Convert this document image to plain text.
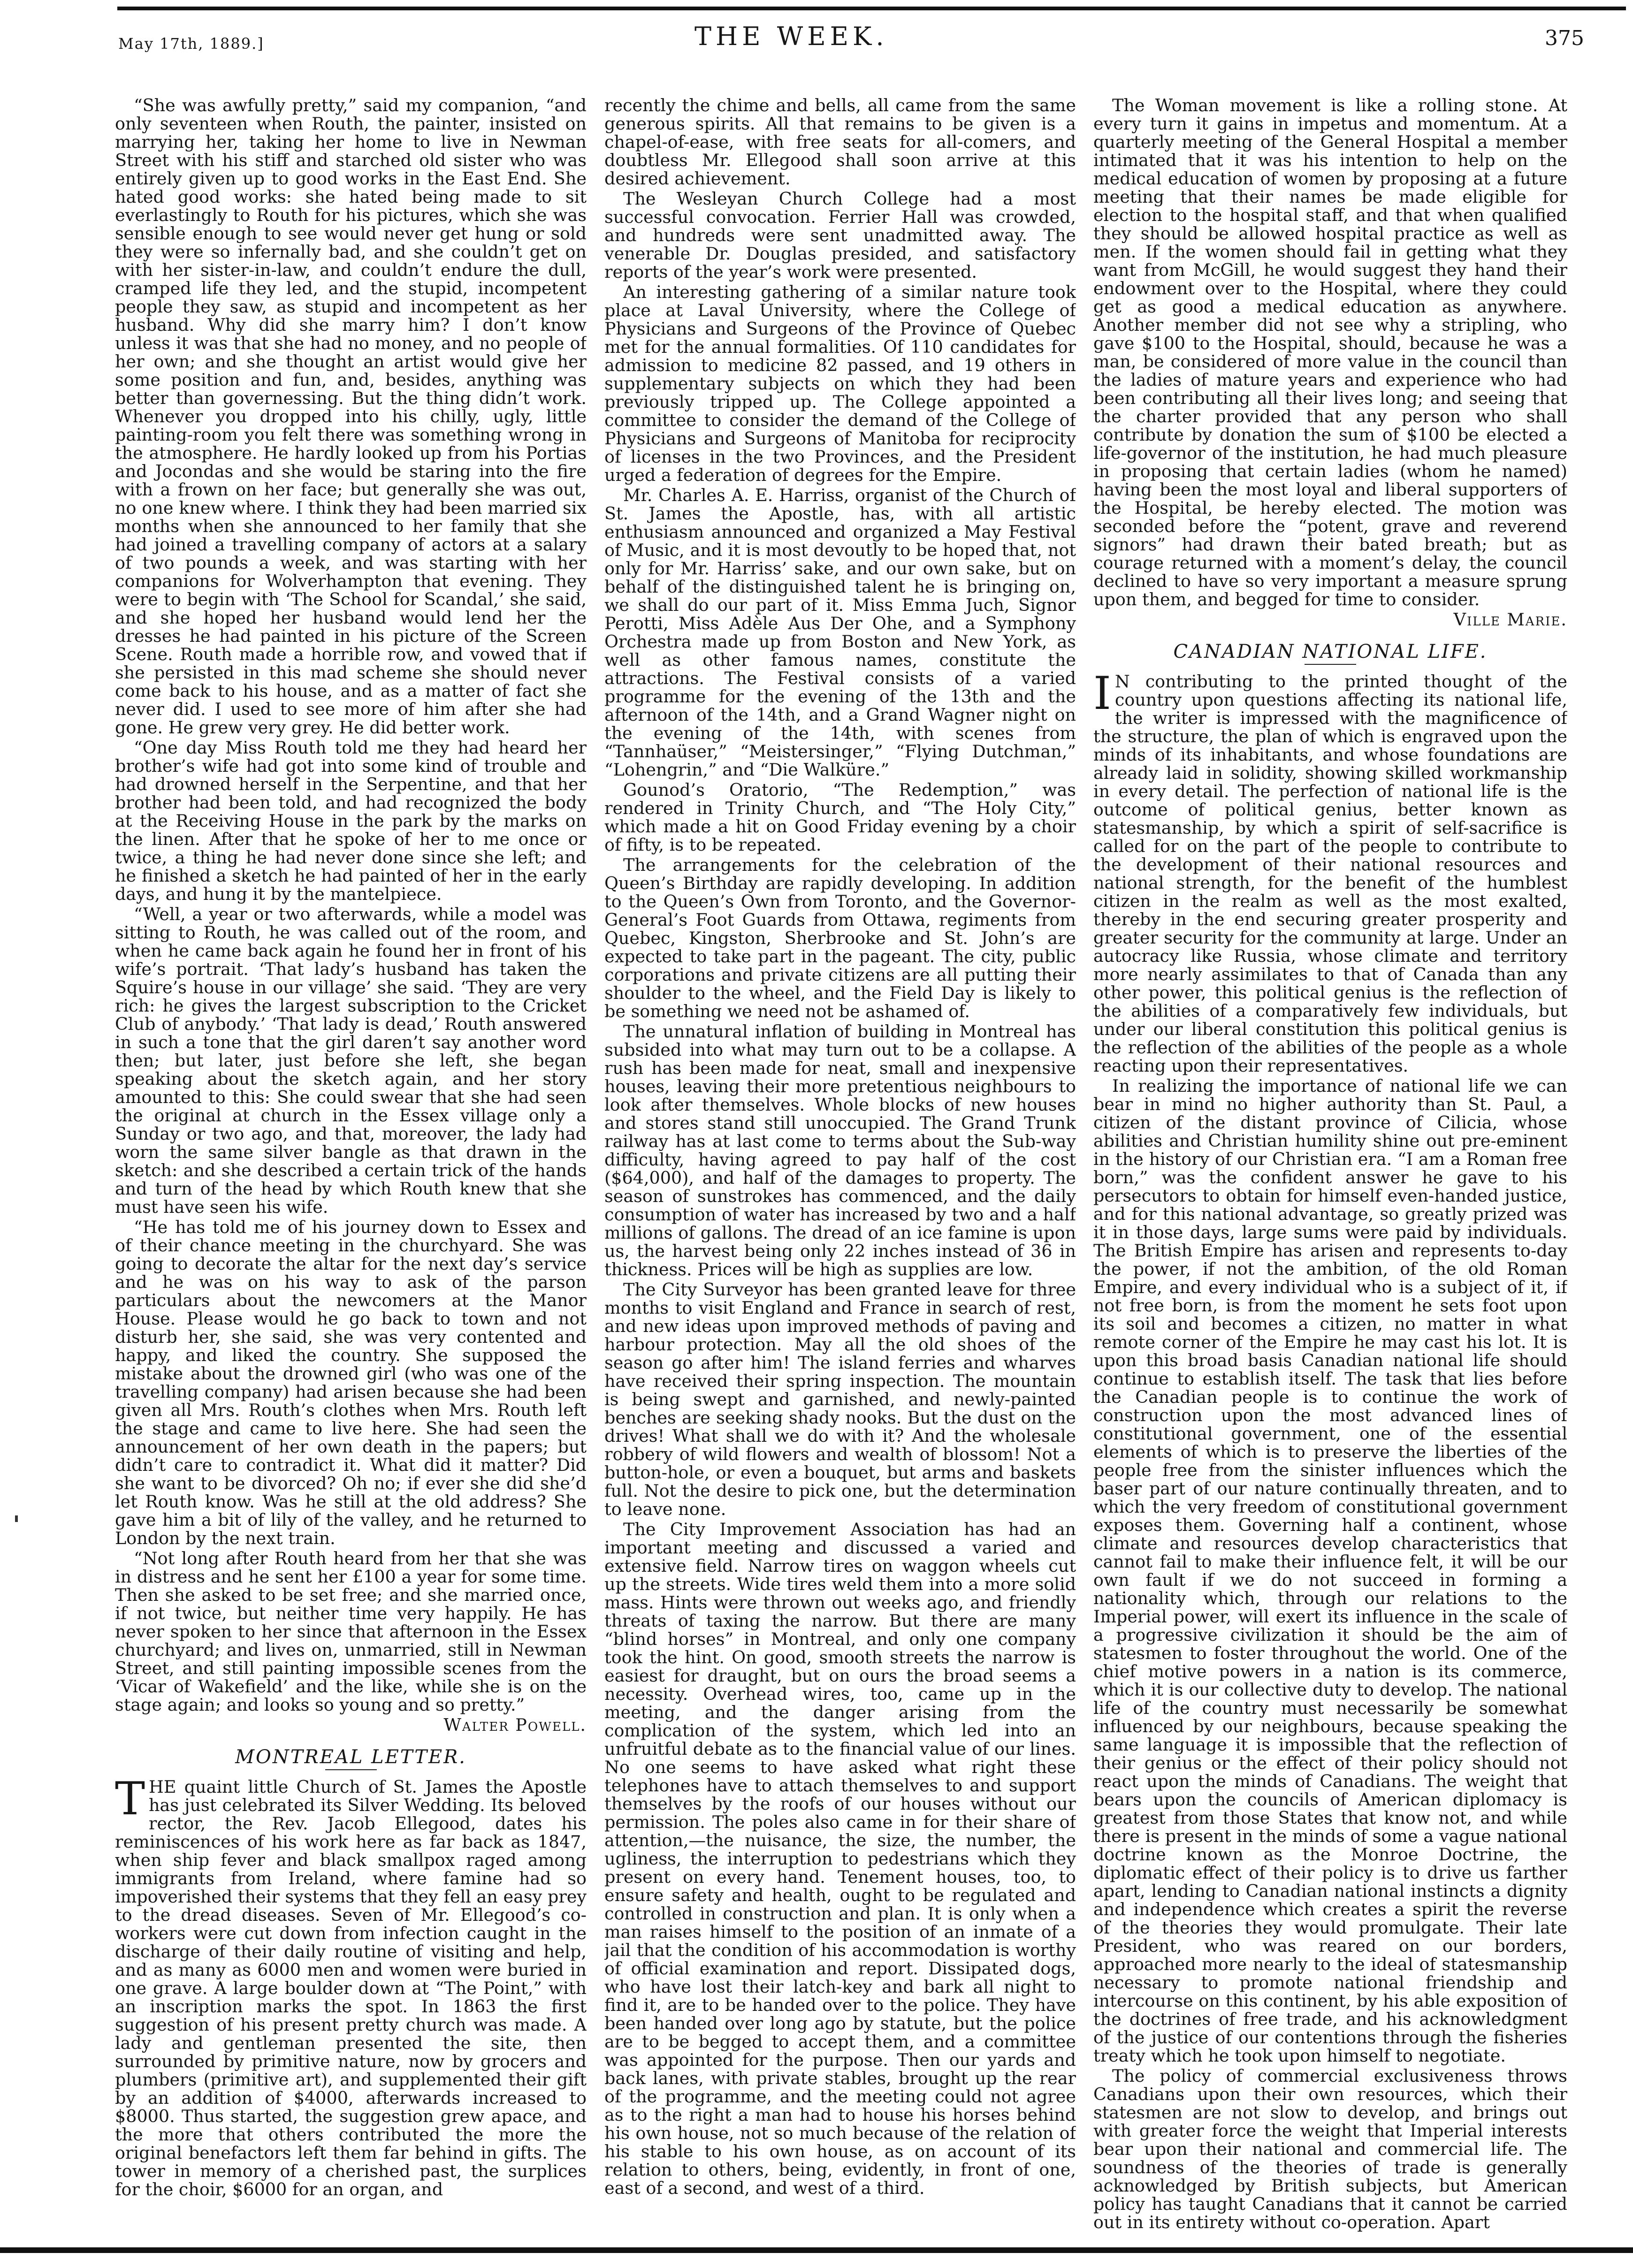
May 17th, 1889.]	THE WEEK.	375

“She was awfully pretty,” said my companion, “and only seventeen when Routh, the painter, insisted on marrying her, taking her home to live in Newman Street with his stiff and starched old sister who was entirely given up to good works in the East End. She hated good works: she hated being made to sit everlastingly to Routh for his pictures, which she was sensible enough to see would never get hung or sold they were so infernally bad, and she couldn’t get on with her sister-in-law, and couldn’t endure the dull, cramped life they led, and the stupid, incompetent people they saw, as stupid and incompetent as her husband. Why did she marry him? I don’t know unless it was that she had no money, and no people of her own; and she thought an artist would give her some position and fun, and, besides, anything was better than governessing. But the thing didn’t work. Whenever you dropped into his chilly, ugly, little painting-room you felt there was something wrong in the atmosphere. He hardly looked up from his Portias and Jocondas and she would be staring into the fire with a frown on her face; but generally she was out, no one knew where. I think they had been married six months when she announced to her family that she had joined a travelling company of actors at a salary of two pounds a week, and was starting with her companions for Wolverhampton that evening. They were to begin with ‘The School for Scandal,’ she said, and she hoped her husband would lend her the dresses he had painted in his picture of the Screen Scene. Routh made a horrible row, and vowed that if she persisted in this mad scheme she should never come back to his house, and as a matter of fact she never did. I used to see more of him after she had gone. He grew very grey. He did better work.

“One day Miss Routh told me they had heard her brother’s wife had got into some kind of trouble and had drowned herself in the Serpentine, and that her brother had been told, and had recognized the body at the Receiving House in the park by the marks on the linen. After that he spoke of her to me once or twice, a thing he had never done since she left; and he finished a sketch he had painted of her in the early days, and hung it by the mantelpiece.

“Well, a year or two afterwards, while a model was sitting to Routh, he was called out of the room, and when he came back again he found her in front of his wife’s portrait. ‘That lady’s husband has taken the Squire’s house in our village’ she said. ‘They are very rich: he gives the largest subscription to the Cricket Club of anybody.’ ‘That lady is dead,’ Routh answered in such a tone that the girl daren’t say another word then; but later, just before she left, she began speaking about the sketch again, and her story amounted to this: She could swear that she had seen the original at church in the Essex village only a Sunday or two ago, and that, moreover, the lady had worn the same silver bangle as that drawn in the sketch: and she described a certain trick of the hands and turn of the head by which Routh knew that she must have seen his wife.

“He has told me of his journey down to Essex and of their chance meeting in the churchyard. She was going to decorate the altar for the next day’s service and he was on his way to ask of the parson particulars about the newcomers at the Manor House. Please would he go back to town and not disturb her, she said, she was very contented and happy, and liked the country. She supposed the mistake about the drowned girl (who was one of the travelling company) had arisen because she had been given all Mrs. Routh’s clothes when Mrs. Routh left the stage and came to live here. She had seen the announcement of her own death in the papers; but didn’t care to contradict it. What did it matter? Did she want to be divorced? Oh no; if ever she did she’d let Routh know. Was he still at the old address? She gave him a bit of lily of the valley, and he returned to London by the next train.

“Not long after Routh heard from her that she was in distress and he sent her £100 a year for some time. Then she asked to be set free; and she married once, if not twice, but neither time very happily. He has never spoken to her since that afternoon in the Essex churchyard; and lives on, unmarried, still in Newman Street, and still painting impossible scenes from the ‘Vicar of Wakefield’ and the like, while she is on the stage again; and looks so young and so pretty.”

Walter Powell.
MONTREAL LETTER.

THE quaint little Church of St. James the Apostle has just celebrated its Silver Wedding. Its beloved rector, the Rev. Jacob Ellegood, dates his reminiscences of his work here as far back as 1847, when ship fever and black smallpox raged among immigrants from Ireland, where famine had so impoverished their systems that they fell an easy prey to the dread diseases. Seven of Mr. Ellegood’s co-workers were cut down from infection caught in the discharge of their daily routine of visiting and help, and as many as 6000 men and women were buried in one grave. A large boulder down at “The Point,” with an inscription marks the spot. In 1863 the first suggestion of his present pretty church was made. A lady and gentleman presented the site, then surrounded by primitive nature, now by grocers and plumbers (primitive art), and supplemented their gift by an addition of $4000, afterwards increased to $8000. Thus started, the suggestion grew apace, and the more that others contributed the more the original benefactors left them far behind in gifts. The tower in memory of a cherished past, the surplices for the choir, $6000 for an organ, and

recently the chime and bells, all came from the same generous spirits. All that remains to be given is a chapel-of-ease, with free seats for all-comers, and doubtless Mr. Ellegood shall soon arrive at this desired achievement.

The Wesleyan Church College had a most successful convocation. Ferrier Hall was crowded, and hundreds were sent unadmitted away. The venerable Dr. Douglas presided, and satisfactory reports of the year’s work were presented.

An interesting gathering of a similar nature took place at Laval University, where the College of Physicians and Surgeons of the Province of Quebec met for the annual formalities. Of 110 candidates for admission to medicine 82 passed, and 19 others in supplementary subjects on which they had been previously tripped up. The College appointed a committee to consider the demand of the College of Physicians and Surgeons of Manitoba for reciprocity of licenses in the two Provinces, and the President urged a federation of degrees for the Empire.

Mr. Charles A. E. Harriss, organist of the Church of St. James the Apostle, has, with all artistic enthusiasm announced and organized a May Festival of Music, and it is most devoutly to be hoped that, not only for Mr. Harriss’ sake, and our own sake, but on behalf of the distinguished talent he is bringing on, we shall do our part of it. Miss Emma Juch, Signor Perotti, Miss Adèle Aus Der Ohe, and a Symphony Orchestra made up from Boston and New York, as well as other famous names, constitute the attractions. The Festival consists of a varied programme for the evening of the 13th and the afternoon of the 14th, and a Grand Wagner night on the evening of the 14th, with scenes from “Tannhaüser,” “Meistersinger,” “Flying Dutchman,” “Lohengrin,” and “Die Walküre.”

Gounod’s Oratorio, “The Redemption,” was rendered in Trinity Church, and “The Holy City,” which made a hit on Good Friday evening by a choir of fifty, is to be repeated.

The arrangements for the celebration of the Queen’s Birthday are rapidly developing. In addition to the Queen’s Own from Toronto, and the Governor-General’s Foot Guards from Ottawa, regiments from Quebec, Kingston, Sherbrooke and St. John’s are expected to take part in the pageant. The city, public corporations and private citizens are all putting their shoulder to the wheel, and the Field Day is likely to be something we need not be ashamed of.

The unnatural inflation of building in Montreal has subsided into what may turn out to be a collapse. A rush has been made for neat, small and inexpensive houses, leaving their more pretentious neighbours to look after themselves. Whole blocks of new houses and stores stand still unoccupied. The Grand Trunk railway has at last come to terms about the Sub-way difficulty, having agreed to pay half of the cost ($64,000), and half of the damages to property. The season of sunstrokes has commenced, and the daily consumption of water has increased by two and a half millions of gallons. The dread of an ice famine is upon us, the harvest being only 22 inches instead of 36 in thickness. Prices will be high as supplies are low.

The City Surveyor has been granted leave for three months to visit England and France in search of rest, and new ideas upon improved methods of paving and harbour protection. May all the old shoes of the season go after him! The island ferries and wharves have received their spring inspection. The mountain is being swept and garnished, and newly-painted benches are seeking shady nooks. But the dust on the drives! What shall we do with it? And the wholesale robbery of wild flowers and wealth of blossom! Not a button-hole, or even a bouquet, but arms and baskets full. Not the desire to pick one, but the determination to leave none.

The City Improvement Association has had an important meeting and discussed a varied and extensive field. Narrow tires on waggon wheels cut up the streets. Wide tires weld them into a more solid mass. Hints were thrown out weeks ago, and friendly threats of taxing the narrow. But there are many “blind horses” in Montreal, and only one company took the hint. On good, smooth streets the narrow is easiest for draught, but on ours the broad seems a necessity. Overhead wires, too, came up in the meeting, and the danger arising from the complication of the system, which led into an unfruitful debate as to the financial value of our lines. No one seems to have asked what right these telephones have to attach themselves to and support themselves by the roofs of our houses without our permission. The poles also came in for their share of attention,—the nuisance, the size, the number, the ugliness, the interruption to pedestrians which they present on every hand. Tenement houses, too, to ensure safety and health, ought to be regulated and controlled in construction and plan. It is only when a man raises himself to the position of an inmate of a jail that the condition of his accommodation is worthy of official examination and report. Dissipated dogs, who have lost their latch-key and bark all night to find it, are to be handed over to the police. They have been handed over long ago by statute, but the police are to be begged to accept them, and a committee was appointed for the purpose. Then our yards and back lanes, with private stables, brought up the rear of the programme, and the meeting could not agree as to the right a man had to house his horses behind his own house, not so much because of the relation of his stable to his own house, as on account of its relation to others, being, evidently, in front of one, east of a second, and west of a third.

The Woman movement is like a rolling stone. At every turn it gains in impetus and momentum. At a quarterly meeting of the General Hospital a member intimated that it was his intention to help on the medical education of women by proposing at a future meeting that their names be made eligible for election to the hospital staff, and that when qualified they should be allowed hospital practice as well as men. If the women should fail in getting what they want from McGill, he would suggest they hand their endowment over to the Hospital, where they could get as good a medical education as anywhere. Another member did not see why a stripling, who gave $100 to the Hospital, should, because he was a man, be considered of more value in the council than the ladies of mature years and experience who had been contributing all their lives long; and seeing that the charter provided that any person who shall contribute by donation the sum of $100 be elected a life-governor of the institution, he had much pleasure in proposing that certain ladies (whom he named) having been the most loyal and liberal supporters of the Hospital, be hereby elected. The motion was seconded before the “potent, grave and reverend signors” had drawn their bated breath; but as courage returned with a moment’s delay, the council declined to have so very important a measure sprung upon them, and begged for time to consider.

Ville Marie.
CANADIAN NATIONAL LIFE.

I N contributing to the printed thought of the country upon questions affecting its national life, the writer is impressed with the magnificence of the structure, the plan of which is engraved upon the minds of its inhabitants, and whose foundations are already laid in solidity, showing skilled workmanship in every detail. The perfection of national life is the outcome of political genius, better known as statesmanship, by which a spirit of self-sacrifice is called for on the part of the people to contribute to the development of their national resources and national strength, for the benefit of the humblest citizen in the realm as well as the most exalted, thereby in the end securing greater prosperity and greater security for the community at large. Under an autocracy like Russia, whose climate and territory more nearly assimilates to that of Canada than any other power, this political genius is the reflection of the abilities of a comparatively few individuals, but under our liberal constitution this political genius is the reflection of the abilities of the people as a whole reacting upon their representatives.

In realizing the importance of national life we can bear in mind no higher authority than St. Paul, a citizen of the distant province of Cilicia, whose abilities and Christian humility shine out pre-eminent in the history of our Christian era. “I am a Roman free born,” was the confident answer he gave to his persecutors to obtain for himself even-handed justice, and for this national advantage, so greatly prized was it in those days, large sums were paid by individuals. The British Empire has arisen and represents to-day the power, if not the ambition, of the old Roman Empire, and every individual who is a subject of it, if not free born, is from the moment he sets foot upon its soil and becomes a citizen, no matter in what remote corner of the Empire he may cast his lot. It is upon this broad basis Canadian national life should continue to establish itself. The task that lies before the Canadian people is to continue the work of construction upon the most advanced lines of constitutional government, one of the essential elements of which is to preserve the liberties of the people free from the sinister influences which the baser part of our nature continually threaten, and to which the very freedom of constitutional government exposes them. Governing half a continent, whose climate and resources develop characteristics that cannot fail to make their influence felt, it will be our own fault if we do not succeed in forming a nationality which, through our relations to the Imperial power, will exert its influence in the scale of a progressive civilization it should be the aim of statesmen to foster throughout the world. One of the chief motive powers in a nation is its commerce, which it is our collective duty to develop. The national life of the country must necessarily be somewhat influenced by our neighbours, because speaking the same language it is impossible that the reflection of their genius or the effect of their policy should not react upon the minds of Canadians. The weight that bears upon the councils of American diplomacy is greatest from those States that know not, and while there is present in the minds of some a vague national doctrine known as the Monroe Doctrine, the diplomatic effect of their policy is to drive us farther apart, lending to Canadian national instincts a dignity and independence which creates a spirit the reverse of the theories they would promulgate. Their late President, who was reared on our borders, approached more nearly to the ideal of statesmanship necessary to promote national friendship and intercourse on this continent, by his able exposition of the doctrines of free trade, and his acknowledgment of the justice of our contentions through the fisheries treaty which he took upon himself to negotiate.

The policy of commercial exclusiveness throws Canadians upon their own resources, which their statesmen are not slow to develop, and brings out with greater force the weight that Imperial interests bear upon their national and commercial life. The soundness of the theories of trade is generally acknowledged by British subjects, but American policy has taught Canadians that it cannot be carried out in its entirety without co-operation. Apart
